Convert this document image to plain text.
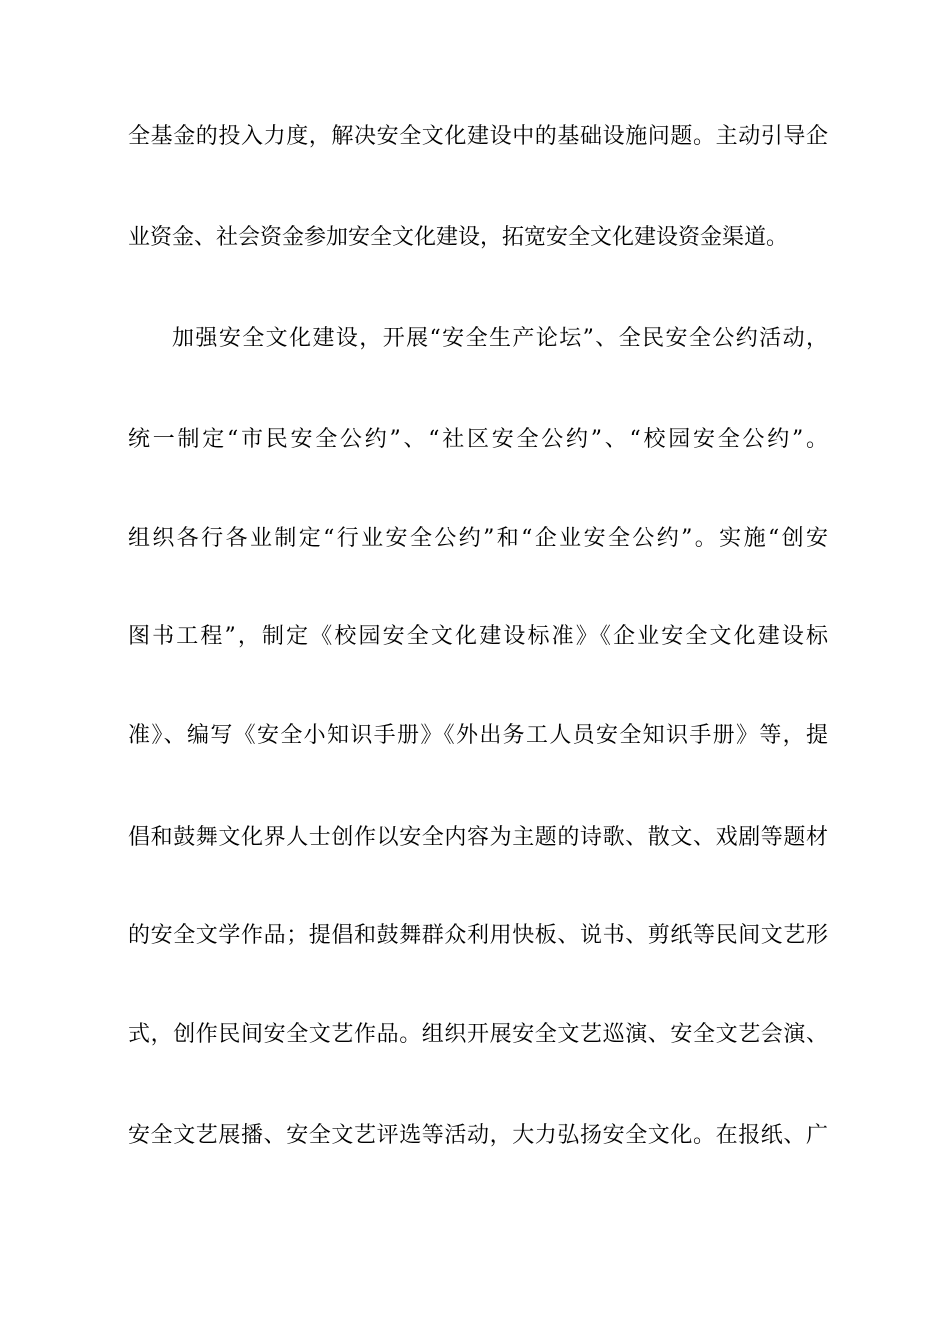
全基金的投入力度，解决安全文化建设中的基础设施问题。主动引导企
业资金、社会资金参加安全文化建设，拓宽安全文化建设资金渠道。
加强安全文化建设，开展“安全生产论坛”、全民安全公约活动，
统一制定“市民安全公约”、“社区安全公约”、“校园安全公约”。
组织各行各业制定“行业安全公约”和“企业安全公约”。实施“创安
图书工程”，制定《校园安全文化建设标准》《企业安全文化建设标
准》、编写《安全小知识手册》《外出务工人员安全知识手册》等，提
倡和鼓舞文化界人士创作以安全内容为主题的诗歌、散文、戏剧等题材
的安全文学作品；提倡和鼓舞群众利用快板、说书、剪纸等民间文艺形
式，创作民间安全文艺作品。组织开展安全文艺巡演、安全文艺会演、
安全文艺展播、安全文艺评选等活动，大力弘扬安全文化。在报纸、广
